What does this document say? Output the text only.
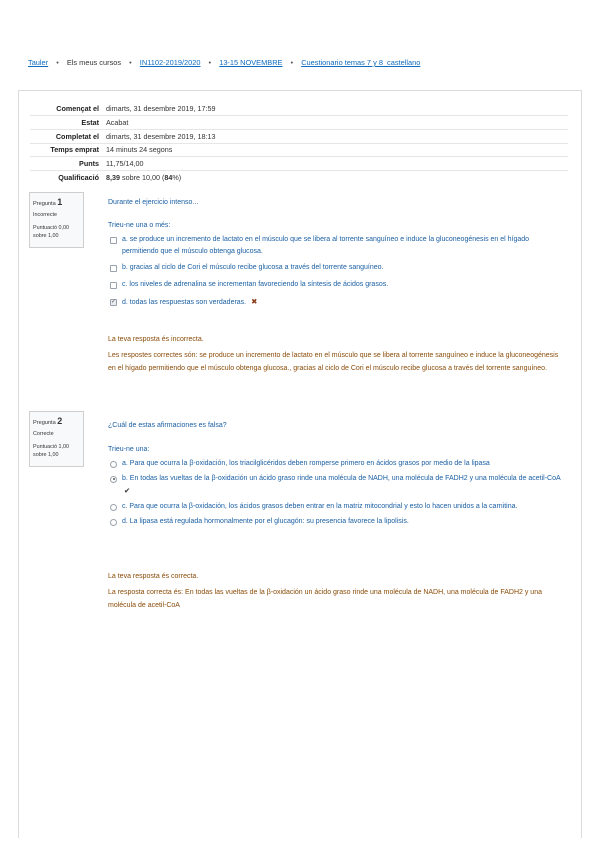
Tauler • Els meus cursos • IN1102-2019/2020 • 13-15 NOVEMBRE • Cuestionario temas 7 y 8_castellano
Començat el	dimarts, 31 desembre 2019, 17:59
Estat	Acabat
Completat el	dimarts, 31 desembre 2019, 18:13
Temps emprat	14 minuts 24 segons
Punts	11,75/14,00
Qualificació	8,39 sobre 10,00 (84%)
Pregunta 1
Incorrecte
Puntuació 0,00 sobre 1,00
Durante el ejercicio intenso...
Trieu-ne una o més:
a. se produce un incremento de lactato en el músculo que se libera al torrente sanguíneo e induce la gluconeogénesis en el hígado permitiendo que el músculo obtenga glucosa.
b. gracias al ciclo de Cori el músculo recibe glucosa a través del torrente sanguíneo.
c. los niveles de adrenalina se incrementan favoreciendo la síntesis de ácidos grasos.
✓ d. todas las respuestas son verdaderas. ✖
La teva resposta és incorrecta.
Les respostes correctes són: se produce un incremento de lactato en el músculo que se libera al torrente sanguíneo e induce la gluconeogénesis en el hígado permitiendo que el músculo obtenga glucosa., gracias al ciclo de Cori el músculo recibe glucosa a través del torrente sanguíneo.
Pregunta 2
Correcte
Puntuació 1,00 sobre 1,00
¿Cuál de estas afirmaciones es falsa?
Trieu-ne una:
a. Para que ocurra la β-oxidación, los triacilglicéridos deben romperse primero en ácidos grasos por medio de la lipasa
b. En todas las vueltas de la β-oxidación un ácido graso rinde una molécula de NADH, una molécula de FADH2 y una molécula de acetil-CoA ✔
c. Para que ocurra la β-oxidación, los ácidos grasos deben entrar en la matriz mitocondrial y esto lo hacen unidos a la carnitina.
d. La lipasa está regulada hormonalmente por el glucagón: su presencia favorece la lipolisis.
La teva resposta és correcta.
La resposta correcta és: En todas las vueltas de la β-oxidación un ácido graso rinde una molécula de NADH, una molécula de FADH2 y una molécula de acetil-CoA
